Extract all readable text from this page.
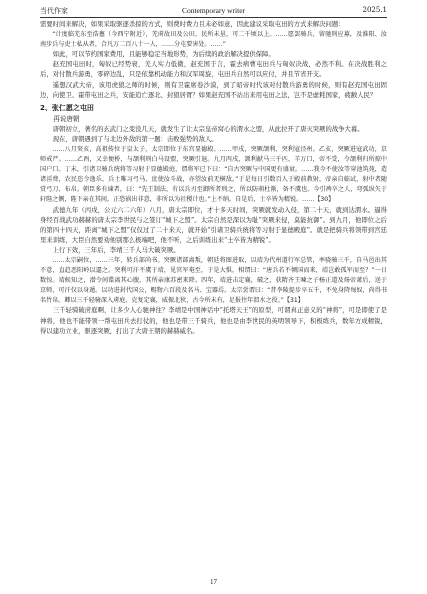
当代作家	Contemporary writer	2025.1

需要时间来解决，如果采取驱逐杀掠的方式，则费时费力且未必如意，因此建议采取屯田的方式来解决问题：

“计度临羌东至浩亹（今西宁附近），羌虏故田及公田，民所未垦，可二千顷以上。……愿罢骑兵，留驰刑应募，及淮阳、汝南步兵与吏士私从者，合凡万二百八十一人，……分屯要害处。……”

如此，可以节约国家费用，且能够稳定当地形势，为后续的政治解决提供保障。

赵充国屯田时，匈奴已经势衰，羌人实力低微，赵充国于言，霍去病曹屯田兵与匈奴决战，必然不利。在决战胜利之后，对付散兵游勇，零碎边乱，只是依靠机动能力和汉军周旋，屯田兵自然可以应付，并且节省开支。

遥想汉武大帝，该用虎狼之师的时候，则有卫霍席卷沙漠，到了昭帝时代该对付散兵游勇的时候，则有赵充国屯田固边，向使卫、霍带屯田之兵，安能追亡逐北、封狼居胥？如果赵充国不站出来用屯田之法，岂不是虚耗国家，疲敝人民？

2、张仁愿之屯田

再说唐朝

唐朝初立，著名的玄武门之变没几天，就发生了让太宗皇帝窝心的渭水之盟，从此拉开了唐灭突厥的战争大幕。

现在，唐朝遇到了与北边外敌的第一题：击败强势的敌人。

……八月癸亥，高祖传位于皇太子，太宗即位于东宫显德殿。……甲戌，突厥颉利、突利寇泾州。乙亥，突厥进寇武功，京师戒严。……乙酉，又幸便桥，与颉利刑白马设盟，突厥引退。九月丙戌，颉利献马三千匹、羊万口，帝不受，令颉利归所掠中国户口。丁未，引诸卫骑兵统将等习射于显德殿庭，谓将军已下曰：“自古突厥与中国更有盛衰。……我今不使汝等穿池筑苑，造诸淫费，农民恣令逸乐，兵士唯习弓马，庶使汝斗战，亦望汝前无横敌。”于是每日引数百人于殿前教射，帝亲自临试，射中者随赏弓刀、布帛。朝臣多有谏者，曰：“先王制法，有以兵刃至御所者刑之，所以防萌杜渐，备不虞也。今引裨卒之人，弯弧纵矢于轩陛之侧，陛下亲在其间，正恐祸出非意，非所以为社稷计也。”上不纳。自是后，士卒皆为精锐。……【30】

武德九年（丙戌，公元六二六年）八月，唐太宗即位，才十多天时间，突厥就发动入侵，第二十天，就到达渭水。逼得身经百战武功赫赫的唐太宗李世民与之签订“城下之盟”。太宗自然是深以为耻“突厥来侵，莫能抗御”。到九月，他即位之后的第四十四天，距离“城下之盟”仅仅过了二十来天，就开始“引诸卫骑兵统将等习射于显德殿庭”。就是把骑兵将领带到宫廷里来训练，大臣自然要劝他别那么极端吧，他不听，之后训练出来“士卒皆为精锐”。

上行下效，三年后，李靖三千人马大破突厥。

……太宗嗣位，……三年，转兵部尚书。突厥诸部离叛，朝廷将图进取，以靖为代州道行军总管，率骁骑三千，自马邑出其不意，直趋恶阳岭以逼之。突利可汗不虞于靖，见官军奄至，于是大惧，相谓曰：“唐兵若不倾国而来，靖岂敢孤军而至？”一日数惊。靖候知之，潜令间谍离其心腹，其所亲康苏密来降。四年，靖进击定襄，破之，获隋齐王暕之子杨正道及炀帝萧后，送于京师，可汗仅以身遁。以功进封代国公，赐物六百段及名马、宝器焉。太宗尝谓曰：“昔李陵提步卒五千，不免身降匈奴，尚得书名竹帛。卿以三千轻骑深入虏庭，克复定襄，威振北狄，古今所未有，足报往年渭水之役。”【31】

三千轻骑破虏庭啊，让多少人心驰神往？李靖是中国神话中“托塔天王”的原型，可谓真正意义的“神将”，可是即使了是神将，他也不能带领一帮屯田兵去打仗的，他也是带三千骑兵，他也是由李世民的英明领导下，积极练兵，数年方成精锐，得以建功立业，驱逐突厥，打出了大唐王朝的赫赫威名。

17
